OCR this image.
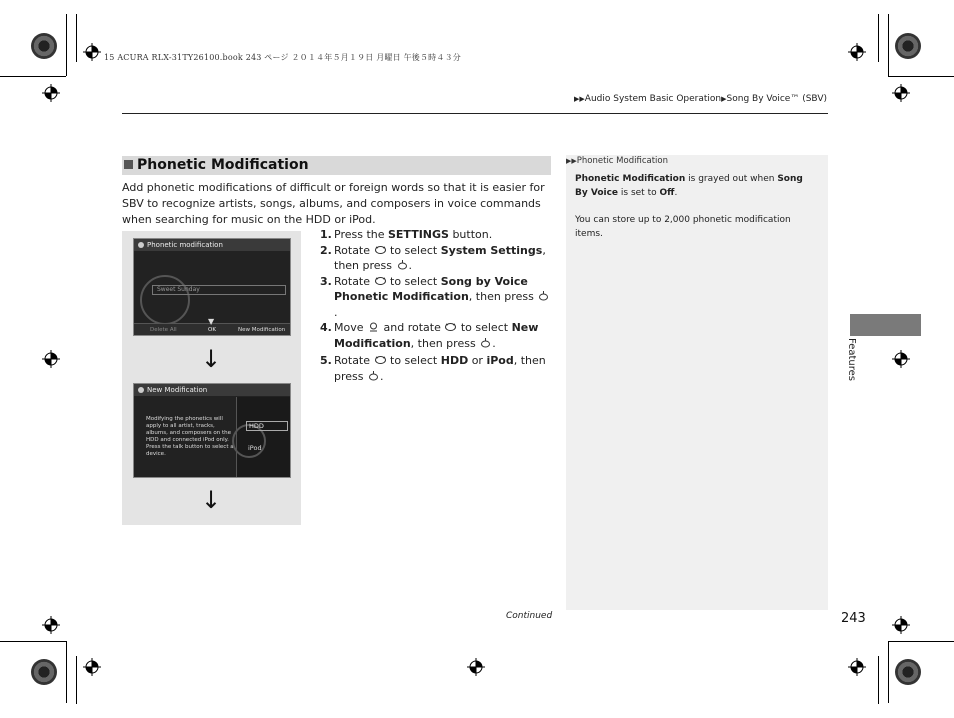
15 ACURA RLX-31TY26100.book 243 ページ ２０１４年５月１９日 月曜日 午後５時４３分
▶▶Audio System Basic Operation▶Song By Voice™ (SBV)
Phonetic Modification
Add phonetic modifications of difficult or foreign words so that it is easier for SBV to recognize artists, songs, albums, and composers in voice commands when searching for music on the HDD or iPod.
Phonetic modification
Sweet Sunday
Delete All
▼
OK	New Modification
↓
New Modification
Modifying the phonetics will apply to all artist, tracks, albums, and composers on the HDD and connected iPod only. Press the talk button to select a device.
HDD
iPod
↓
1. Press the SETTINGS button.
2. Rotate  to select System Settings,
then press .
3. Rotate  to select Song by Voice Phonetic Modification, then press .
4. Move  and rotate  to select New Modification, then press .
5. Rotate  to select HDD or iPod, then
press .
▶▶Phonetic Modification
Phonetic Modification is grayed out when Song By Voice is set to Off.
You can store up to 2,000 phonetic modification items.
Features
Continued	243
